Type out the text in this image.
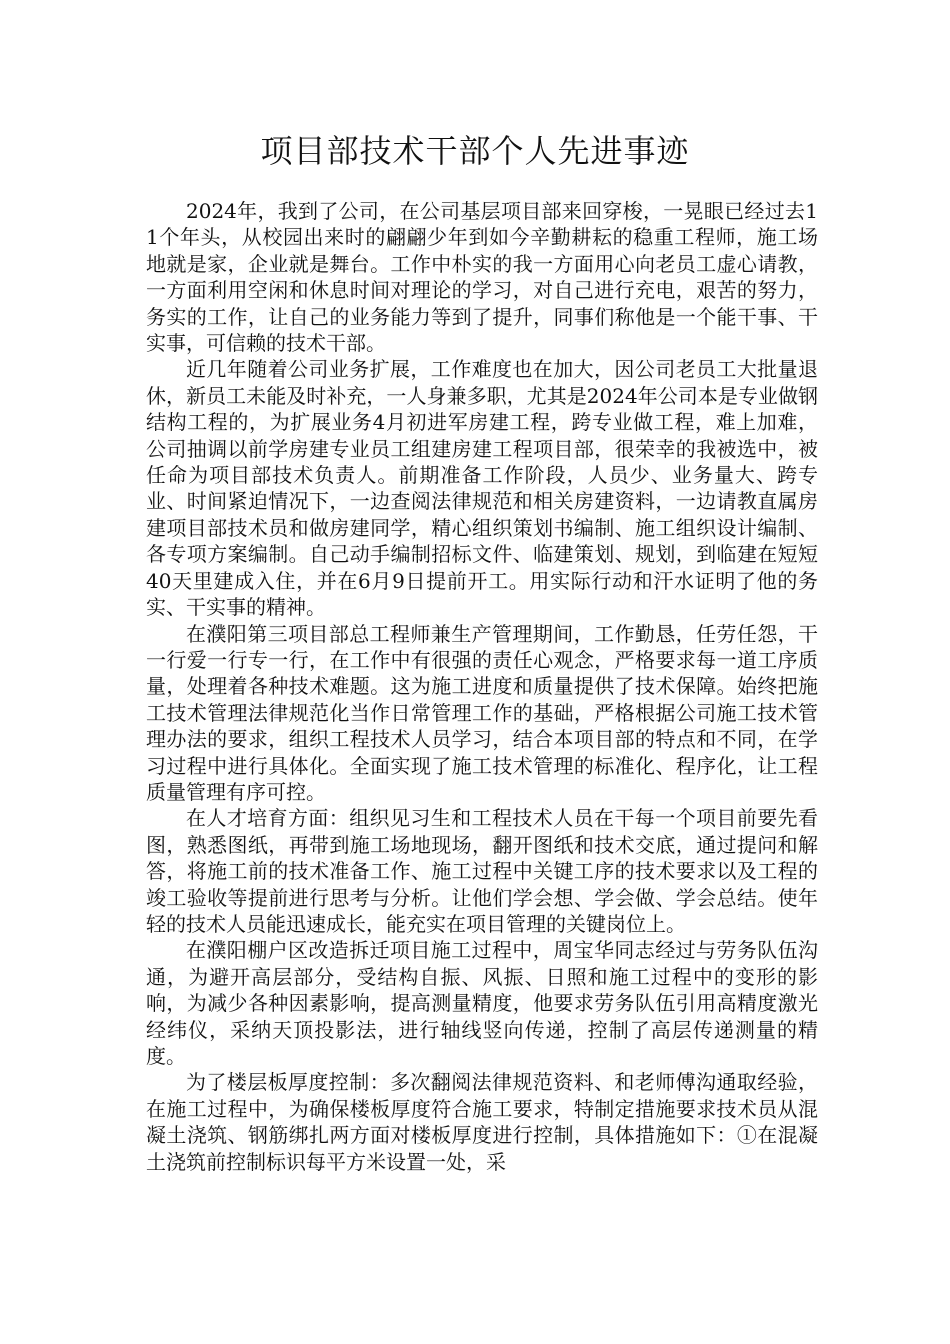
项目部技术干部个人先进事迹

2024年，我到了公司，在公司基层项目部来回穿梭，一晃眼已经过去11个年头，从校园出来时的翩翩少年到如今辛勤耕耘的稳重工程师，施工场地就是家，企业就是舞台。工作中朴实的我一方面用心向老员工虚心请教，一方面利用空闲和休息时间对理论的学习，对自己进行充电，艰苦的努力，务实的工作，让自己的业务能力等到了提升，同事们称他是一个能干事、干实事，可信赖的技术干部。

近几年随着公司业务扩展，工作难度也在加大，因公司老员工大批量退休，新员工未能及时补充，一人身兼多职，尤其是2024年公司本是专业做钢结构工程的，为扩展业务4月初进军房建工程，跨专业做工程，难上加难，公司抽调以前学房建专业员工组建房建工程项目部，很荣幸的我被选中，被任命为项目部技术负责人。前期准备工作阶段，人员少、业务量大、跨专业、时间紧迫情况下，一边查阅法律规范和相关房建资料，一边请教直属房建项目部技术员和做房建同学，精心组织策划书编制、施工组织设计编制、各专项方案编制。自己动手编制招标文件、临建策划、规划，到临建在短短40天里建成入住，并在6月9日提前开工。用实际行动和汗水证明了他的务实、干实事的精神。

在濮阳第三项目部总工程师兼生产管理期间，工作勤恳，任劳任怨，干一行爱一行专一行，在工作中有很强的责任心观念，严格要求每一道工序质量，处理着各种技术难题。这为施工进度和质量提供了技术保障。始终把施工技术管理法律规范化当作日常管理工作的基础，严格根据公司施工技术管理办法的要求，组织工程技术人员学习，结合本项目部的特点和不同，在学习过程中进行具体化。全面实现了施工技术管理的标准化、程序化，让工程质量管理有序可控。

在人才培育方面：组织见习生和工程技术人员在干每一个项目前要先看图，熟悉图纸，再带到施工场地现场，翻开图纸和技术交底，通过提问和解答，将施工前的技术准备工作、施工过程中关键工序的技术要求以及工程的竣工验收等提前进行思考与分析。让他们学会想、学会做、学会总结。使年轻的技术人员能迅速成长，能充实在项目管理的关键岗位上。

在濮阳棚户区改造拆迁项目施工过程中，周宝华同志经过与劳务队伍沟通，为避开高层部分，受结构自振、风振、日照和施工过程中的变形的影响，为减少各种因素影响，提高测量精度，他要求劳务队伍引用高精度激光经纬仪，采纳天顶投影法，进行轴线竖向传递，控制了高层传递测量的精度。

为了楼层板厚度控制：多次翻阅法律规范资料、和老师傅沟通取经验，在施工过程中，为确保楼板厚度符合施工要求，特制定措施要求技术员从混凝土浇筑、钢筋绑扎两方面对楼板厚度进行控制，具体措施如下：①在混凝土浇筑前控制标识每平方米设置一处，采
